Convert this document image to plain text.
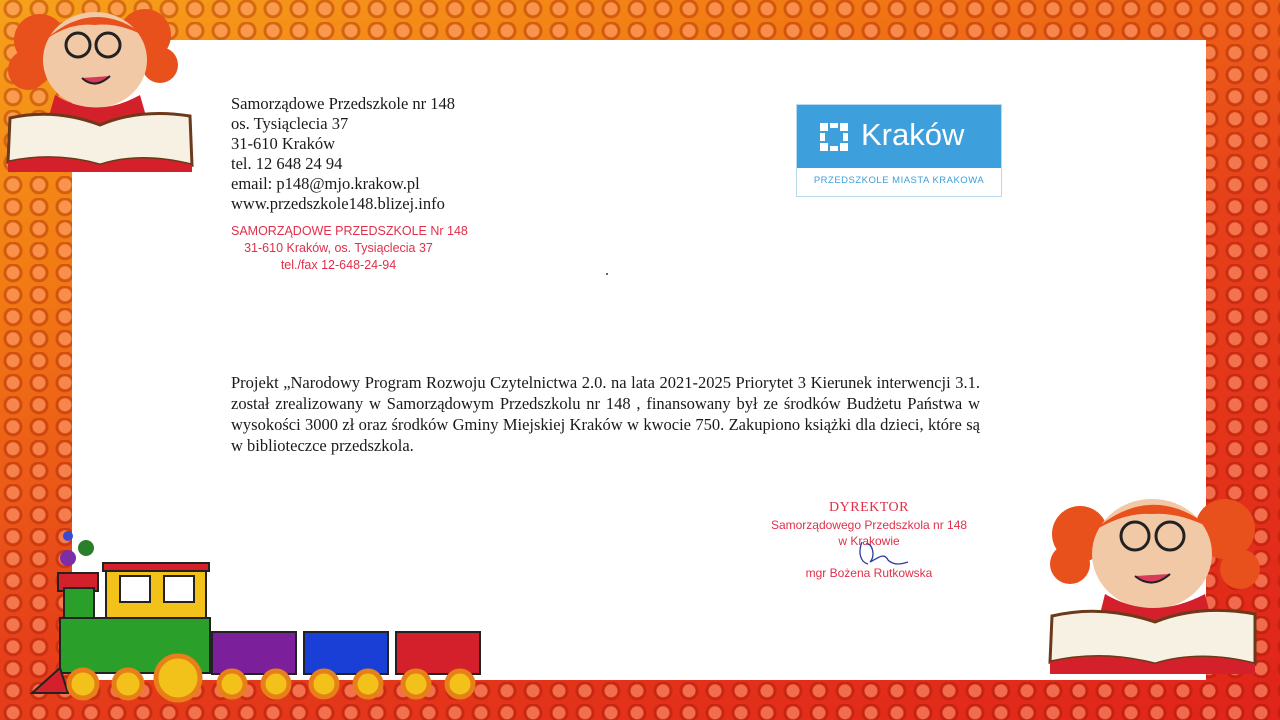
Samorządowe Przedszkole nr 148
os. Tysiąclecia 37
31-610 Kraków
tel. 12 648 24 94
email: p148@mjo.krakow.pl
www.przedszkole148.blizej.info
SAMORZĄDOWE PRZEDSZKOLE Nr 148
31-610 Kraków, os. Tysiąclecia 37
tel./fax 12-648-24-94
Kraków
PRZEDSZKOLE MIASTA KRAKOWA
Projekt „Narodowy Program Rozwoju Czytelnictwa 2.0. na lata 2021-2025 Priorytet 3 Kierunek interwencji 3.1. został zrealizowany w Samorządowym Przedszkolu nr 148 , finansowany był ze środków Budżetu Państwa w wysokości 3000 zł oraz środków Gminy Miejskiej Kraków w kwocie 750. Zakupiono książki dla dzieci, które są w biblioteczce przedszkola.
DYREKTOR
Samorządowego Przedszkola nr 148
w Krakowie
mgr Bożena Rutkowska
